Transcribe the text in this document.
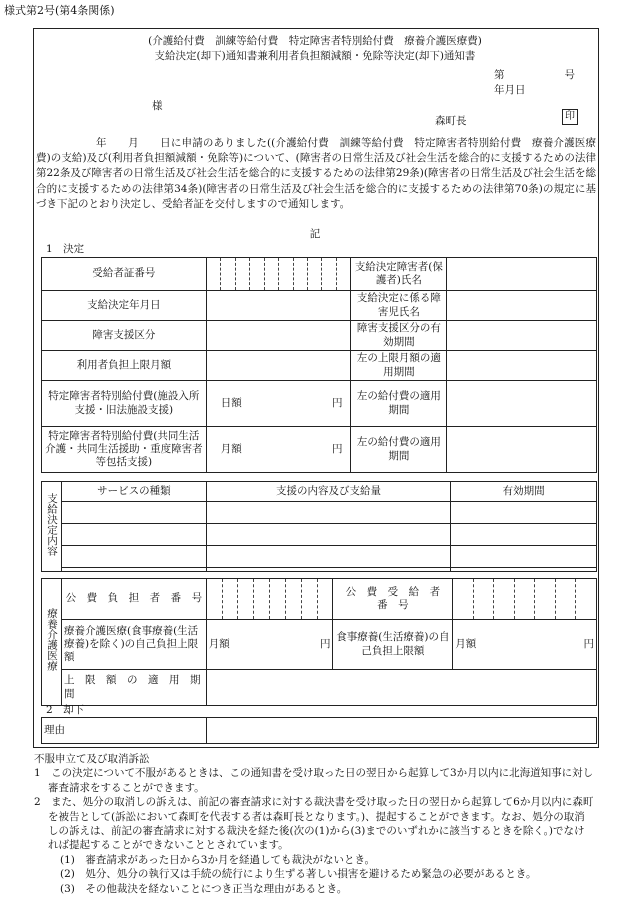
様式第2号(第4条関係)
(介護給付費　訓練等給付費　特定障害者特別給付費　療養介護医療費)
支給決定(却下)通知書兼利用者負担額減額・免除等決定(却下)通知書
第	号
年月日
様
森町長	印
年　　月　　日に申請のありました((介護給付費　訓練等給付費　特定障害者特別給付費　療養介護医療費)の支給)及び(利用者負担額減額・免除等)について、(障害者の日常生活及び社会生活を総合的に支援するための法律第22条及び障害者の日常生活及び社会生活を総合的に支援するための法律第29条)(障害者の日常生活及び社会生活を総合的に支援するための法律第34条)(障害者の日常生活及び社会生活を総合的に支援するための法律第70条)の規定に基づき下記のとおり決定し、受給者証を交付しますので通知します。
記
1　決定
受給者証番号		支給決定障害者(保護者)氏名	
支給決定年月日		支給決定に係る障害児氏名	
障害支援区分		障害支援区分の有効期間	
利用者負担上限月額		左の上限月額の適用期間	
特定障害者特別給付費(施設入所支援・旧法施設支援)	日額 円	左の給付費の適用期間	
特定障害者特別給付費(共同生活介護・共同生活援助・重度障害者等包括支援)	月額 円	左の給付費の適用期間	
支給決定内容	サービスの種類	支援の内容及び支給量	有効期間

療養介護医療	公　費　負　担　者　番　号		公　費　受　給　者　番　号	

	療養介護医療(食事療養(生活療養)を除く)の自己負担上限額	月額 円	食事療養(生活療養)の自己負担上限額	月額 円

	上　限　額　の　適　用　期　間			
2　却下
理由	

不服申立て及び取消訴訟

1　この決定について不服があるときは、この通知書を受け取った日の翌日から起算して3か月以内に北海道知事に対し審査請求をすることができます。

2　また、処分の取消しの訴えは、前記の審査請求に対する裁決書を受け取った日の翌日から起算して6か月以内に森町を被告として(訴訟において森町を代表する者は森町長となります。)、提起することができます。なお、処分の取消しの訴えは、前記の審査請求に対する裁決を経た後(次の(1)から(3)までのいずれかに該当するときを除く。)でなければ提起することができないこととされています。

(1)　審査請求があった日から3か月を経過しても裁決がないとき。

(2)　処分、処分の執行又は手続の続行により生ずる著しい損害を避けるため緊急の必要があるとき。

(3)　その他裁決を経ないことにつき正当な理由があるとき。
